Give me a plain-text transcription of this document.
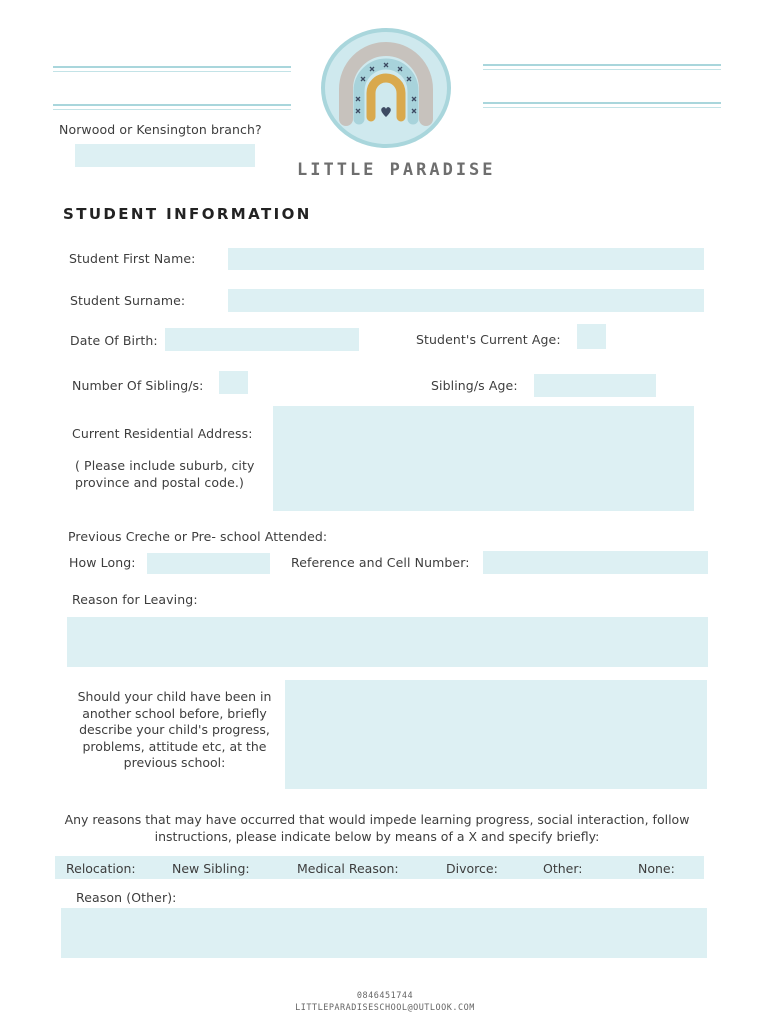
LITTLE PARADISE
Norwood or Kensington branch?
STUDENT INFORMATION
Student First Name:
Student Surname:
Date Of Birth:	Student's Current Age:
Number Of Sibling/s:	Sibling/s Age:
Current Residential Address:
( Please include suburb, city province and postal code.)
Previous Creche or Pre- school Attended:
How Long:	Reference and Cell Number:
Reason for Leaving:
Should your child have been in another school before, briefly describe your child's progress, problems, attitude etc, at the previous school:
Any reasons that may have occurred that would impede learning progress, social interaction, follow instructions, please indicate below by means of a X and specify briefly:
Relocation:	New Sibling:	Medical Reason:	Divorce:	Other:	None:
Reason (Other):
0846451744
LITTLEPARADISESCHOOL@OUTLOOK.COM
